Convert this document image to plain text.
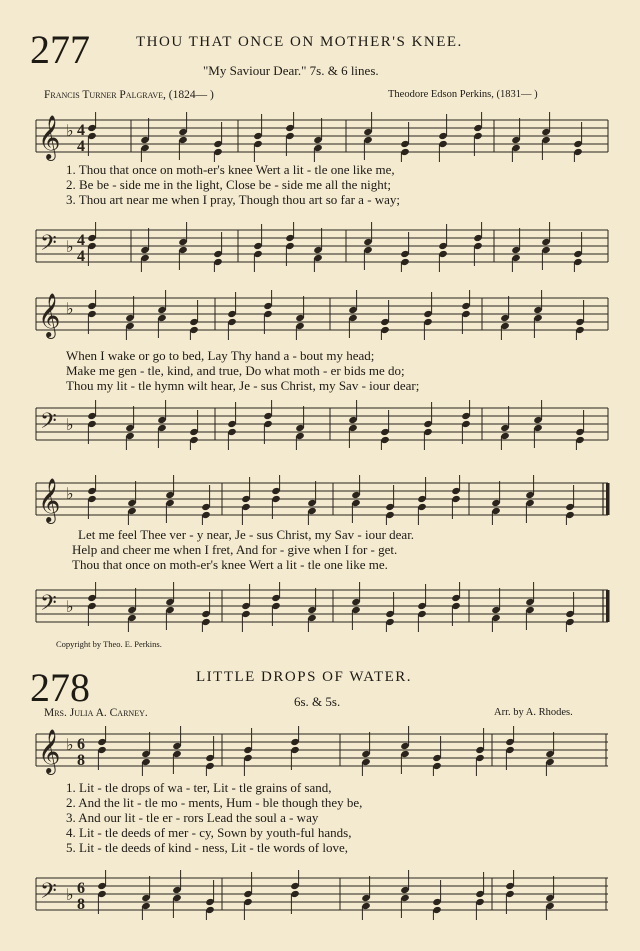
277	THOU THAT ONCE ON MOTHER'S KNEE.
"My Saviour Dear." 7s. & 6 lines.
Francis Turner Palgrave, (1824— )	Theodore Edson Perkins, (1831— )
𝄞 ♭ 4
4
1. Thou that once on moth-er's knee Wert a lit - tle one like me,
2. Be be - side me in the light, Close be - side me all the night;
3. Thou art near me when I pray, Though thou art so far a - way;
𝄢 ♭ 4
4
𝄞 ♭
When I wake or go to bed, Lay Thy hand a - bout my head;
Make me gen - tle, kind, and true, Do what moth - er bids me do;
Thou my lit - tle hymn wilt hear, Je - sus Christ, my Sav - iour dear;
𝄢 ♭
𝄞 ♭
Let me feel Thee ver - y near, Je - sus Christ, my Sav - iour dear.
Help and cheer me when I fret, And for - give when I for - get.
Thou that once on moth-er's knee Wert a lit - tle one like me.
𝄢 ♭
Copyright by Theo. E. Perkins.
278	LITTLE DROPS OF WATER.
6s. & 5s.
Mrs. Julia A. Carney.	Arr. by A. Rhodes.
𝄞 ♭ 6
8
1. Lit - tle drops of wa - ter, Lit - tle grains of sand,
2. And the lit - tle mo - ments, Hum - ble though they be,
3. And our lit - tle er - rors Lead the soul a - way
4. Lit - tle deeds of mer - cy, Sown by youth-ful hands,
5. Lit - tle deeds of kind - ness, Lit - tle words of love,
𝄢 ♭ 6
8
